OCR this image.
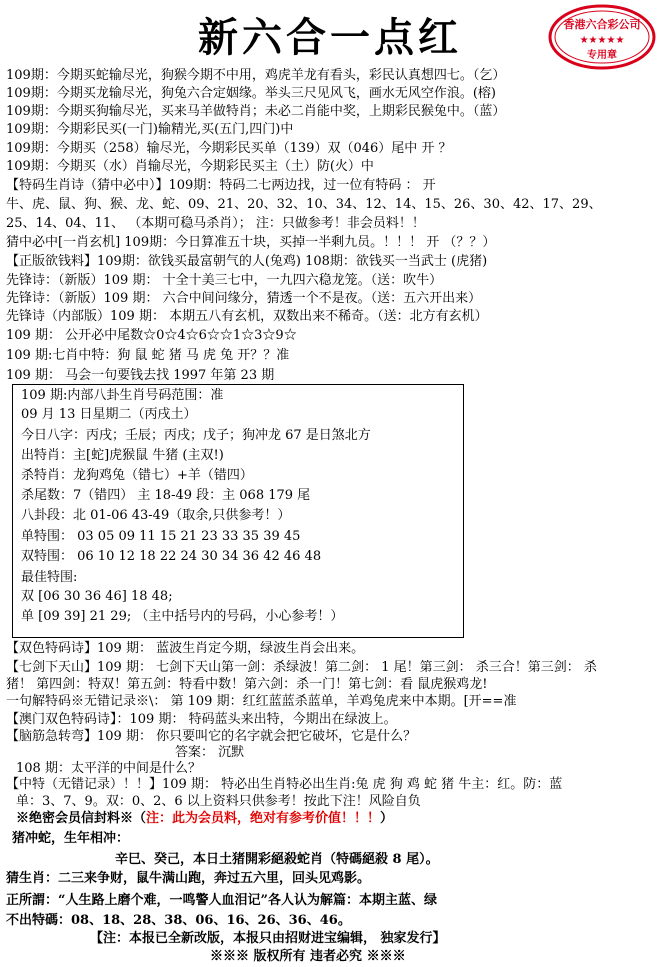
新六合一点红	香港六合彩公司
★★★★★
专用章
109期：今期买蛇输尽光，狗猴今期不中用，鸡虎羊龙有看头，彩民认真想四七。（乞）
109期：今期买龙输尽光，狗兔六合定姻缘。举头三尺见风飞，画水无风空作浪。(榕)
109期：今期买狗输尽光，买来马羊做特肖；未必二肖能中奖，上期彩民猴兔中。（蓝）
109期：今期彩民买(一门)输精光,买(五门,四门)中
109期：今期买（258）输尽光，今期彩民买单（139）双（046）尾中 开 ？
109期：今期买（水）肖输尽光，今期彩民买主（土）防(火）中
【特码生肖诗（猜中必中）】109期：特码二七两边找，过一位有特码 ： 开
牛、虎、鼠、狗、猴、龙、蛇、09、21、20、32、10、34、12、14、15、26、30、42、17、29、
25、14、04、11、 （本期可稳马杀肖）； 注：只做参考！非会员料！！
猜中必中[一肖玄机] 109期：今日算准五十块，买掉一半剩九员。！！！ 开 （？？）
【正版欲钱料】109期：欲钱买最富朝气的人(兔鸡) 108期：欲钱买一当武士 (虎猪)
先锋诗：（新版）109 期： 十全十美三七中，一九四六稳龙笼。（送：吹牛）
先锋诗：（新版）109 期： 六合中间问缘分，猜透一个不是夜。（送：五六开出来）
先锋诗（内部版）109 期： 本期五八有玄机，双数出来不稀奇。（送：北方有玄机）
109 期： 公开必中尾数☆0☆4☆6☆☆1☆3☆9☆
109 期:七肖中特：狗 鼠 蛇 猪 马 虎 兔 开？？准
109 期： 马会一句要钱去找 1997 年第 23 期
109 期:内部八卦生肖号码范围：准
09 月 13 日星期二（丙戌土）
今日八字：丙戌；壬辰；丙戌；戊子；狗冲龙 67 是日煞北方
出特肖：主[蛇]虎猴鼠 牛猪 (主双!)
杀特肖：龙狗鸡兔（错七）+羊（错四）
杀尾数：7（错四） 主 18-49 段：主 068 179 尾
八卦段：北 01-06 43-49（取余,只供参考！）
单特围： 03 05 09 11 15 21 23 33 35 39 45
双特围： 06 10 12 18 22 24 30 34 36 42 46 48
最佳特围:
双 [06 30 36 46] 18 48;
单 [09 39] 21 29; （主中括号内的号码，小心参考！）
【双色特码诗】109 期： 蓝波生肖定今期，绿波生肖会出来。
【七剑下天山】109 期： 七剑下天山第一剑：杀绿波！第二剑： 1 尾！第三剑： 杀三合！第三剑： 杀
猪！ 第四剑：特双！第五剑：特看中数！第六剑：杀一门！第七剑：看 鼠虎猴鸡龙!
一句解特码※无错记录※\： 第 109 期：红红蓝蓝杀蓝单，羊鸡兔虎来中本期。[开==准
【澳门双色特码诗】：109 期： 特码蓝头来出特，今期出在绿波上。
【脑筋急转弯】109 期： 你只要叫它的名字就会把它破坏，它是什么？
答案： 沉默
108 期：太平洋的中间是什么？
【中特（无错记录）！！】109 期： 特必出生肖特必出生肖:兔 虎 狗 鸡 蛇 猪 牛主：红。防：蓝
单：3、7、9。双：0、2、6 以上资料只供参考！按此下注！风险自负
※绝密会员信封料※（注：此为会员料，绝对有参考价值！！！）
猪冲蛇，生年相冲：
辛巳、癸己，本日土猪開彩絕殺蛇肖（特碼絕殺 8 尾）。
猜生肖：二三来争财，鼠牛满山跑，奔过五六里，回头见鸡影。
正所謂：“人生路上磨个难，一鸣警人血泪记”各人认为解篇：本期主蓝、绿
不出特碼：08、18、28、38、06、16、26、36、46。
【注：本报已全新改版，本报只由招财进宝编辑， 独家发行】
※※※ 版权所有 违者必究 ※※※
